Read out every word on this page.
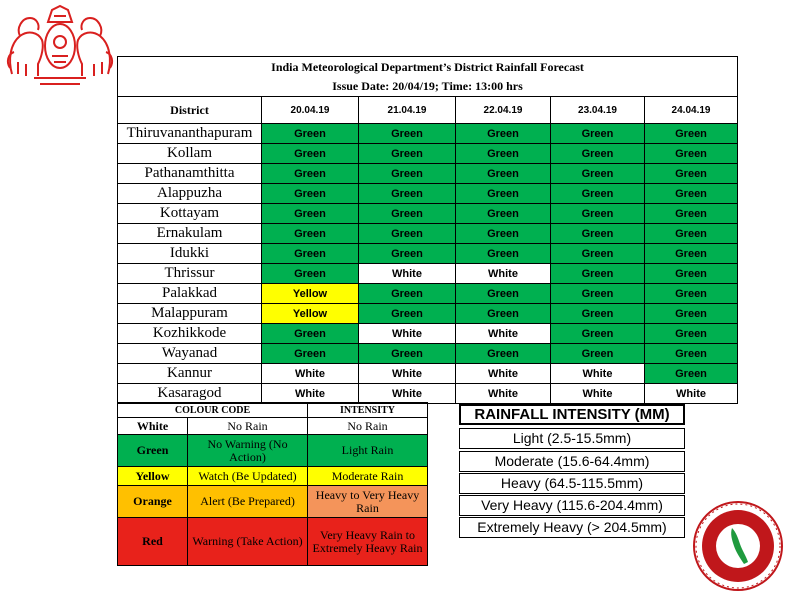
India Meteorological Department’s District Rainfall Forecast					
Issue Date: 20/04/19; Time: 13:00 hrs					
District	20.04.19	21.04.19	22.04.19	23.04.19	24.04.19
Thiruvananthapuram	Green	Green	Green	Green	Green
Kollam	Green	Green	Green	Green	Green
Pathanamthitta	Green	Green	Green	Green	Green
Alappuzha	Green	Green	Green	Green	Green
Kottayam	Green	Green	Green	Green	Green
Ernakulam	Green	Green	Green	Green	Green
Idukki	Green	Green	Green	Green	Green
Thrissur	Green	White	White	Green	Green
Palakkad	Yellow	Green	Green	Green	Green
Malappuram	Yellow	Green	Green	Green	Green
Kozhikkode	Green	White	White	Green	Green
Wayanad	Green	Green	Green	Green	Green
Kannur	White	White	White	White	Green
Kasaragod	White	White	White	White	White
COLOUR CODE		INTENSITY
White	No Rain	No Rain
Green	No Warning (No Action)	Light Rain
Yellow	Watch (Be Updated)	Moderate Rain
Orange	Alert (Be Prepared)	Heavy to Very Heavy Rain
Red	Warning (Take Action)	Very Heavy Rain to Extremely Heavy Rain
RAINFALL INTENSITY (MM)
Light (2.5-15.5mm)
Moderate (15.6-64.4mm)
Heavy (64.5-115.5mm)
Very Heavy (115.6-204.4mm)
Extremely Heavy (> 204.5mm)
